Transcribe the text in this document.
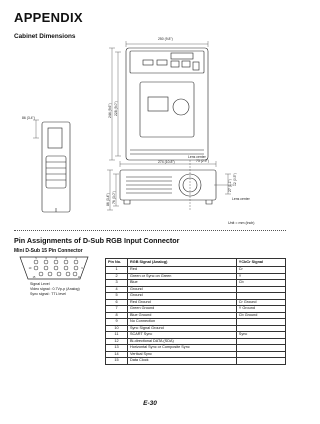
APPENDIX
Cabinet Dimensions	250 (9.8")
244 (9.6") 228 (9.0")
86 (3.4")
274 (10.8")
Lens center
73 (2.9")
86 (3.4") 76 (3.0")
27 (1.1") 12 (0.5")
Lens center
Unit = mm (inch)
Pin Assignments of D-Sub RGB Input Connector
Mini D-Sub 15 Pin Connector
5	4	3	2	1
10	6
15	11
Signal Level
Video signal : 0.7Vp-p (Analog)
Sync signal : TTL level
Pin No.	RGB Signal (Analog)	YCbCr Signal
1	Red	Cr
2	Green or Sync on Green	Y
3	Blue	Cb
4	Ground	
5	Ground	
6	Red Ground	Cr Ground
7	Green Ground	Y Ground
8	Blue Ground	Cb Ground
9	No Connection	
10	Sync Signal Ground	
11	SCART Sync	Sync
12	Bi-directional DATA (SDA)	
13	Horizontal Sync or Composite Sync	
14	Vertical Sync	
15	Data Clock	
E-30
